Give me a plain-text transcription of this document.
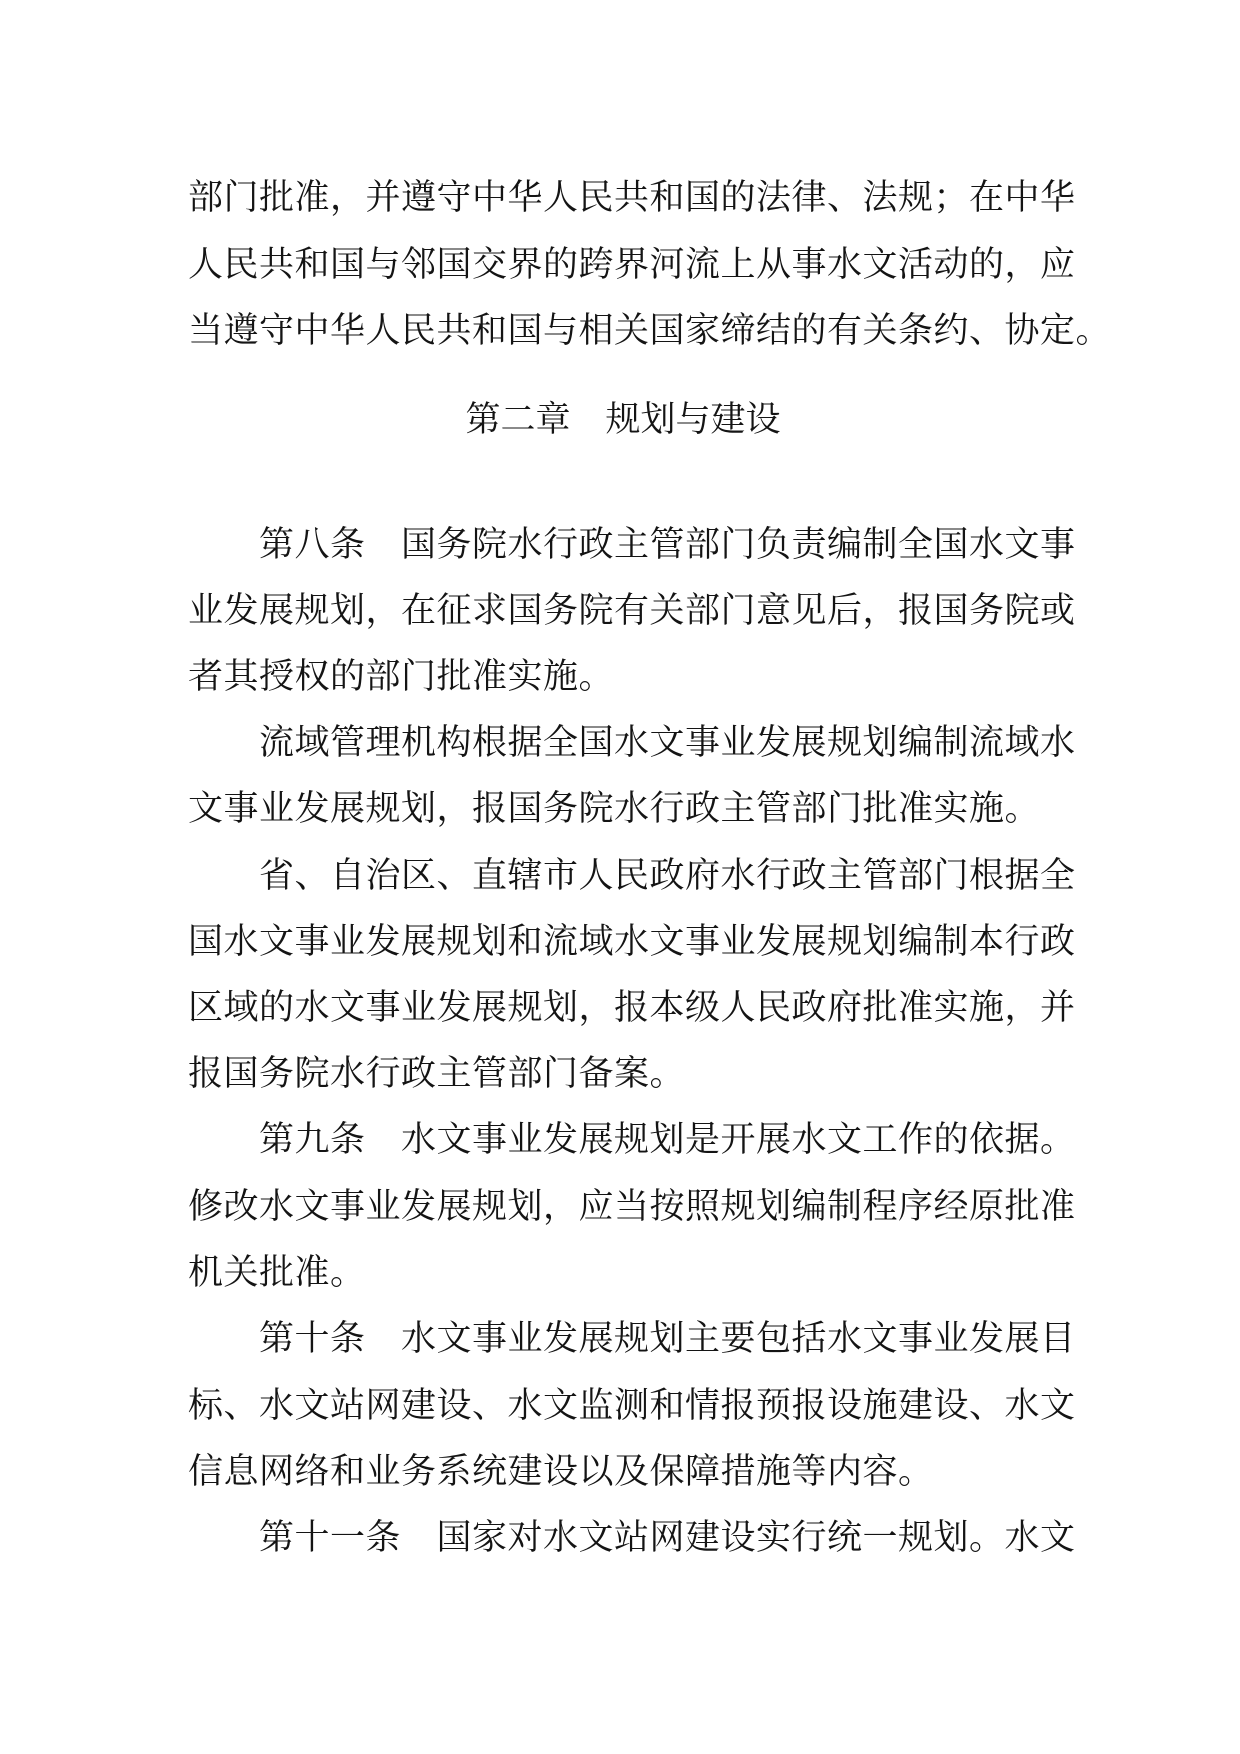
部门批准，并遵守中华人民共和国的法律、法规；在中华
人民共和国与邻国交界的跨界河流上从事水文活动的，应
当遵守中华人民共和国与相关国家缔结的有关条约、协定。
第二章　规划与建设
　　第八条　国务院水行政主管部门负责编制全国水文事
业发展规划，在征求国务院有关部门意见后，报国务院或
者其授权的部门批准实施。
　　流域管理机构根据全国水文事业发展规划编制流域水
文事业发展规划，报国务院水行政主管部门批准实施。
　　省、自治区、直辖市人民政府水行政主管部门根据全
国水文事业发展规划和流域水文事业发展规划编制本行政
区域的水文事业发展规划，报本级人民政府批准实施，并
报国务院水行政主管部门备案。
　　第九条　水文事业发展规划是开展水文工作的依据。
修改水文事业发展规划，应当按照规划编制程序经原批准
机关批准。
　　第十条　水文事业发展规划主要包括水文事业发展目
标、水文站网建设、水文监测和情报预报设施建设、水文
信息网络和业务系统建设以及保障措施等内容。
　　第十一条　国家对水文站网建设实行统一规划。水文
